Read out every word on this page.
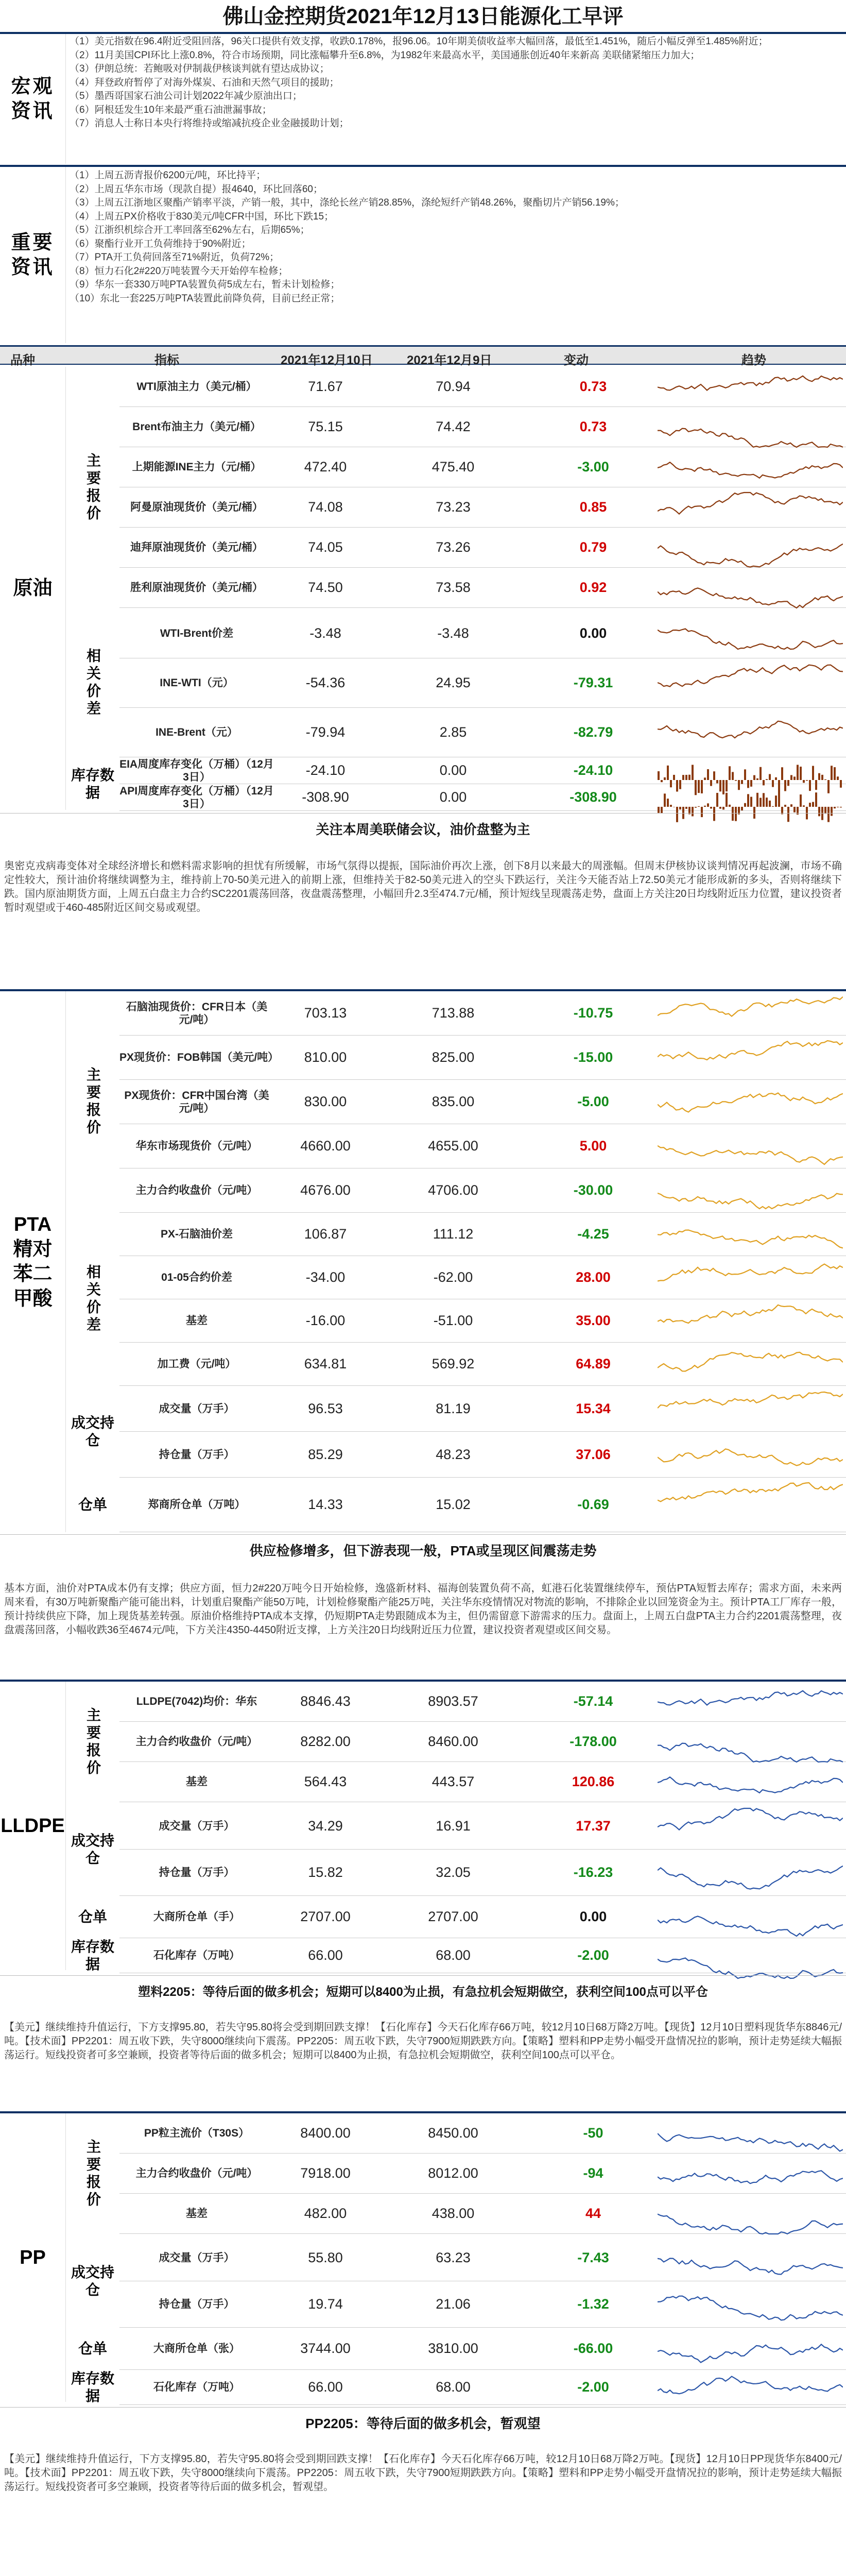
佛山金控期货2021年12月13日能源化工早评
宏观资讯
（1）美元指数在96.4附近受阻回落，96关口提供有效支撑，收跌0.178%，报96.06。10年期美债收益率大幅回落，最低至1.451%，随后小幅反弹至1.485%附近；
（2）11月美国CPI环比上涨0.8%，符合市场预期，同比涨幅攀升至6.8%，为1982年来最高水平，美国通胀创近40年来新高 美联储紧缩压力加大；
（3）伊朗总统：若鲍吸对伊制裁伊核谈判就有望达成协议；
（4）拜登政府暂停了对海外煤炭、石油和天然气项目的援助；
（5）墨西哥国家石油公司计划2022年减少原油出口；
（6）阿根廷发生10年来最严重石油泄漏事故；
（7）消息人士称日本央行将维持或缩减抗疫企业金融援助计划；
重要资讯
（1）上周五沥青报价6200元/吨，环比持平；
（2）上周五华东市场（现款自提）报4640，环比回落60；
（3）上周五江浙地区聚酯产销率平淡，产销一般，其中，涤纶长丝产销28.85%，涤纶短纤产销48.26%，聚酯切片产销56.19%；
（4）上周五PX价格收于830美元/吨CFR中国，环比下跌15；
（5）江浙织机综合开工率回落至62%左右，后期65%；
（6）聚酯行业开工负荷维持于90%附近；
（7）PTA开工负荷回落至71%附近，负荷72%；
（8）恒力石化2#220万吨装置今天开始停车检修；
（9）华东一套330万吨PTA装置负荷5成左右，暂未计划检修；
（10）东北一套225万吨PTA装置此前降负荷，目前已经正常；
品种	指标	2021年12月10日	2021年12月9日	变动	趋势
原油
主要报价
相关价差
库存数据
WTI原油主力（美元/桶）	71.67	70.94	0.73
Brent布油主力（美元/桶）	75.15	74.42	0.73
上期能源INE主力（元/桶）	472.40	475.40	-3.00
阿曼原油现货价（美元/桶）	74.08	73.23	0.85
迪拜原油现货价（美元/桶）	74.05	73.26	0.79
胜利原油现货价（美元/桶）	74.50	73.58	0.92
WTI-Brent价差	-3.48	-3.48	0.00
INE-WTI（元）	-54.36	24.95	-79.31
INE-Brent（元）	-79.94	2.85	-82.79
EIA周度库存变化（万桶）（12月3日）	-24.10	0.00	-24.10
API周度库存变化（万桶）（12月3日）	-308.90	0.00	-308.90
关注本周美联储会议，油价盘整为主
奥密克戎病毒变体对全球经济增长和燃料需求影响的担忧有所缓解，市场气氛得以提振，国际油价再次上涨，创下8月以来最大的周涨幅。但周末伊核协议谈判情况再起波澜，市场不确定性较大，预计油价将继续调整为主，维持前上70-50美元进入的前期上涨，但维持关于82-50美元进入的空头下跌运行，关注今天能否站上72.50美元才能形成新的多头，否则将继续下跌。国内原油期货方面，上周五白盘主力合约SC2201震荡回落，夜盘震荡整理，小幅回升2.3至474.7元/桶，预计短线呈现震荡走势，盘面上方关注20日均线附近压力位置，建议投资者暂时观望或于460-485附近区间交易或观望。
PTA精对苯二甲酸
主要报价
相关价差
成交持仓
仓单
石脑油现货价：CFR日本（美元/吨）	703.13	713.88	-10.75
PX现货价：FOB韩国（美元/吨）	810.00	825.00	-15.00
PX现货价：CFR中国台湾（美元/吨）	830.00	835.00	-5.00
华东市场现货价（元/吨）	4660.00	4655.00	5.00
主力合约收盘价（元/吨）	4676.00	4706.00	-30.00
PX-石脑油价差	106.87	111.12	-4.25
01-05合约价差	-34.00	-62.00	28.00
基差	-16.00	-51.00	35.00
加工费（元/吨）	634.81	569.92	64.89
成交量（万手）	96.53	81.19	15.34
持仓量（万手）	85.29	48.23	37.06
郑商所仓单（万吨）	14.33	15.02	-0.69
供应检修增多，但下游表现一般，PTA或呈现区间震荡走势
基本方面，油价对PTA成本仍有支撑；供应方面，恒力2#220万吨今日开始检修，逸盛新材料、福海创装置负荷不高，虹港石化装置继续停车，预估PTA短暂去库存；需求方面，未来两周来看，有30万吨新聚酯产能可能出料，计划重启聚酯产能50万吨，计划检修聚酯产能25万吨，关注华东疫情情况对物流的影响，不排除企业以回笼资金为主。预计PTA工厂库存一般，预计持续供应下降，加上现货基差转强。原油价格维持PTA成本支撑，仍短期PTA走势跟随成本为主，但仍需留意下游需求的压力。盘面上，上周五白盘PTA主力合约2201震荡整理，夜盘震荡回落，小幅收跌36至4674元/吨，下方关注4350-4450附近支撑，上方关注20日均线附近压力位置，建议投资者观望或区间交易。
LLDPE
主要报价
成交持仓
仓单
库存数据
LLDPE(7042)均价：华东	8846.43	8903.57	-57.14
主力合约收盘价（元/吨）	8282.00	8460.00	-178.00
基差	564.43	443.57	120.86
成交量（万手）	34.29	16.91	17.37
持仓量（万手）	15.82	32.05	-16.23
大商所仓单（手）	2707.00	2707.00	0.00
石化库存（万吨）	66.00	68.00	-2.00
塑料2205：等待后面的做多机会；短期可以8400为止损，有急拉机会短期做空，获利空间100点可以平仓
【美元】继续维持升值运行，下方支撑95.80，若失守95.80将会受到期回跌支撑！【石化库存】今天石化库存66万吨，较12月10日68万降2万吨。【现货】12月10日塑料现货华东8846元/吨。【技术面】PP2201：周五收下跌，失守8000继续向下震荡。PP2205：周五收下跌，失守7900短期跌跌方向。【策略】塑料和PP走势小幅受开盘情况拉的影响，预计走势延续大幅振荡运行。短线投资者可多空兼顾，投资者等待后面的做多机会；短期可以8400为止损，有急拉机会短期做空，获利空间100点可以平仓。
PP
主要报价
成交持仓
仓单
库存数据
PP粒主流价（T30S）	8400.00	8450.00	-50
主力合约收盘价（元/吨）	7918.00	8012.00	-94
基差	482.00	438.00	44
成交量（万手）	55.80	63.23	-7.43
持仓量（万手）	19.74	21.06	-1.32
大商所仓单（张）	3744.00	3810.00	-66.00
石化库存（万吨）	66.00	68.00	-2.00
PP2205：等待后面的做多机会，暂观望
【美元】继续维持升值运行，下方支撑95.80，若失守95.80将会受到期回跌支撑！【石化库存】今天石化库存66万吨，较12月10日68万降2万吨。【现货】12月10日PP现货华东8400元/吨。【技术面】PP2201：周五收下跌，失守8000继续向下震荡。PP2205：周五收下跌，失守7900短期跌跌方向。【策略】塑料和PP走势小幅受开盘情况拉的影响，预计走势延续大幅振荡运行。短线投资者可多空兼顾，投资者等待后面的做多机会，暂观望。
